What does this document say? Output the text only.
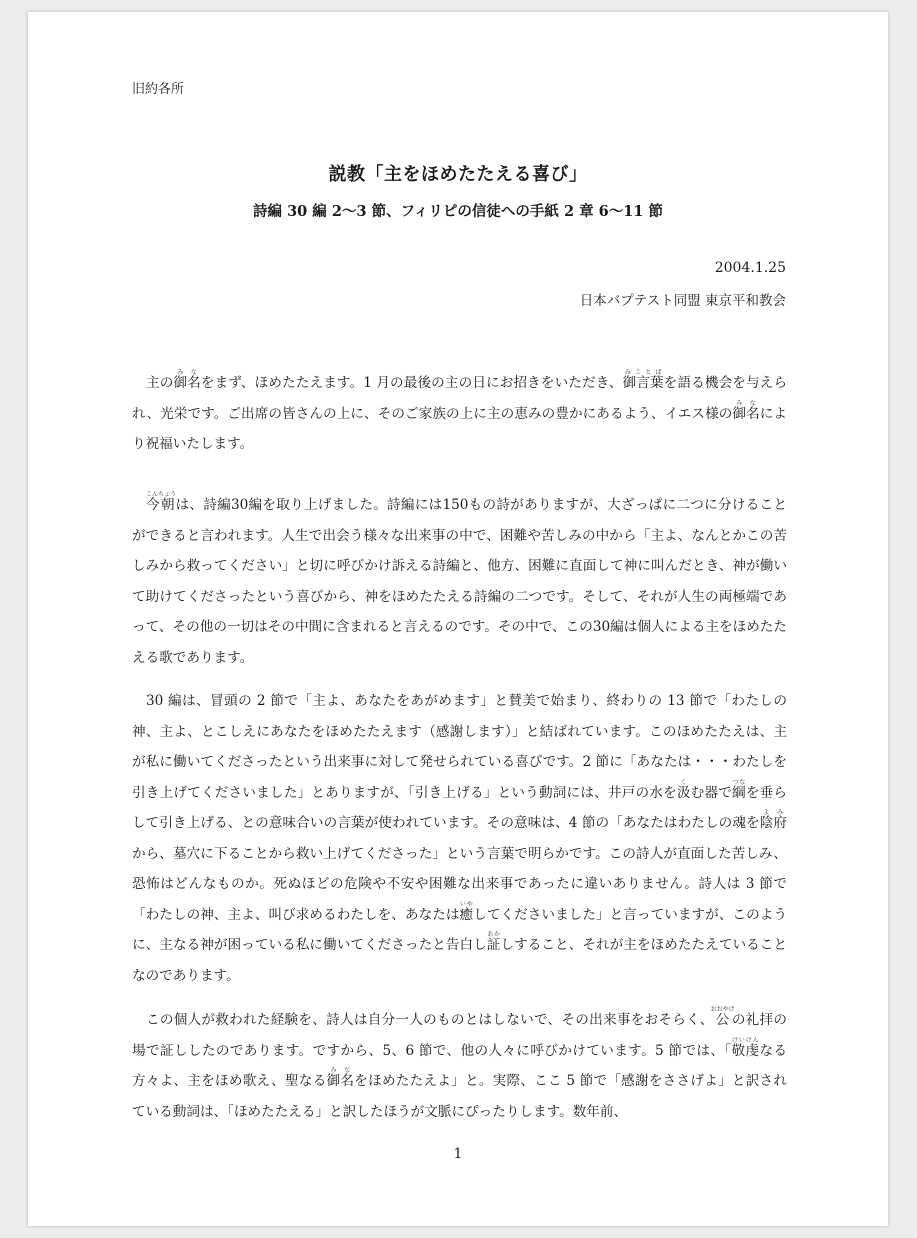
旧約各所
説教「主をほめたたえる喜び」
詩編 30 編 2〜3 節、フィリピの信徒への手紙 2 章 6〜11 節
2004.1.25
日本バプテスト同盟 東京平和教会

主の御名みなをまず、ほめたたえます。1 月の最後の主の日にお招きをいただき、御言葉みことばを語る機会を与えられ、光栄です。ご出席の皆さんの上に、そのご家族の上に主の恵みの豊かにあるよう、イエス様の御名みなにより祝福いたします。

今朝こんちょうは、詩編30編を取り上げました。詩編には150もの詩がありますが、大ざっぱに二つに分けることができると言われます。人生で出会う様々な出来事の中で、困難や苦しみの中から「主よ、なんとかこの苦しみから救ってください」と切に呼びかけ訴える詩編と、他方、困難に直面して神に叫んだとき、神が働いて助けてくださったという喜びから、神をほめたたえる詩編の二つです。そして、それが人生の両極端であって、その他の一切はその中間に含まれると言えるのです。その中で、この30編は個人による主をほめたたえる歌であります。

30 編は、冒頭の 2 節で「主よ、あなたをあがめます」と賛美で始まり、終わりの 13 節で「わたしの神、主よ、とこしえにあなたをほめたたえます（感謝します）」と結ばれています。このほめたたえは、主が私に働いてくださったという出来事に対して発せられている喜びです。2 節に「あなたは・・・わたしを引き上げてくださいました」とありますが、「引き上げる」という動詞には、井戸の水を汲くむ器で綱つなを垂らして引き上げる、との意味合いの言葉が使われています。その意味は、4 節の「あなたはわたしの魂を陰府よみから、墓穴に下ることから救い上げてくださった」という言葉で明らかです。この詩人が直面した苦しみ、恐怖はどんなものか。死ぬほどの危険や不安や困難な出来事であったに違いありません。詩人は 3 節で「わたしの神、主よ、叫び求めるわたしを、あなたは癒いやしてくださいました」と言っていますが、このように、主なる神が困っている私に働いてくださったと告白し証あかしすること、それが主をほめたたえていることなのであります。

この個人が救われた経験を、詩人は自分一人のものとはしないで、その出来事をおそらく、公おおやけの礼拝の場で証ししたのであります。ですから、5、6 節で、他の人々に呼びかけています。5 節では、「敬虔けいけんなる方々よ、主をほめ歌え、聖なる御名みなをほめたたえよ」と。実際、ここ 5 節で「感謝をささげよ」と訳されている動詞は、「ほめたたえる」と訳したほうが文脈にぴったりします。数年前、

1
